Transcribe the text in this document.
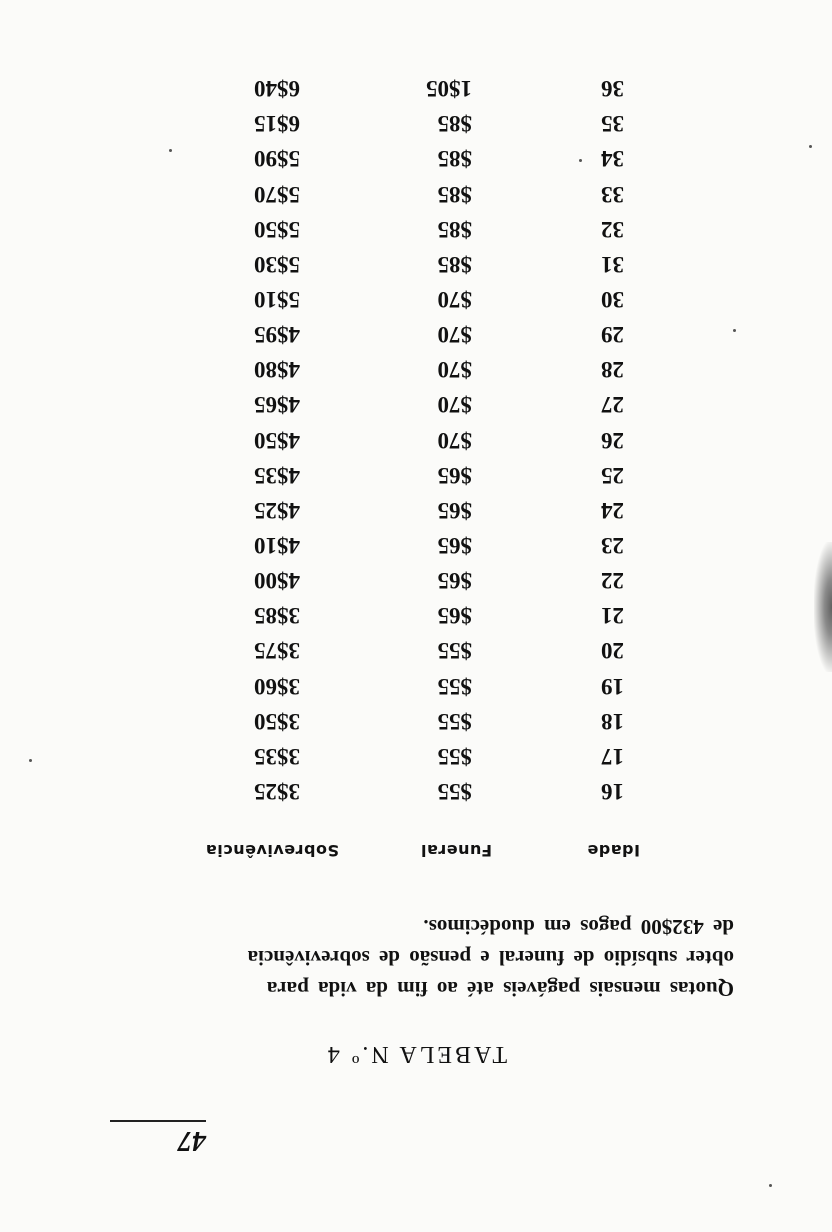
47
TABELA N.º 4
Quotas mensais pagáveis até ao fim da vida para
obter subsídio de funeral e pensão de sobrevivência
de 432$00 pagos em duodécimos.
Idade
Funeral
Sobrevivência
16
$55
3$25
17
$55
3$35
18
$55
3$50
19
$55
3$60
20
$55
3$75
21
$65
3$85
22
$65
4$00
23
$65
4$10
24
$65
4$25
25
$65
4$35
26
$70
4$50
27
$70
4$65
28
$70
4$80
29
$70
4$95
30
$70
5$10
31
$85
5$30
32
$85
5$50
33
$85
5$70
34
$85
5$90
35
$85
6$15
36
1$05
6$40
